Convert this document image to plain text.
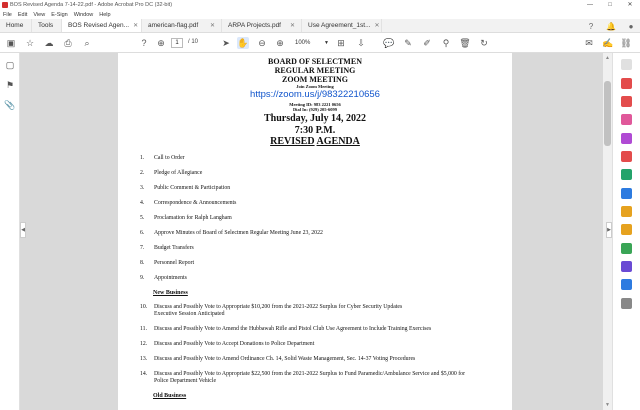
BOS Revised Agenda 7-14-22.pdf - Adobe Acrobat Pro DC (32-bit)	—	□	✕
File Edit View E-Sign Window Help
Home Tools BOS Revised Agen... ✕ american-flag.pdf ✕ ARPA Projects.pdf ✕ Use Agreement_1st... ✕	?	🔔	●
▣ ☆ ☁ ⎙	⌕	?	⊕	1	/ 10	➤ ✋ ⊖ ⊕	100%	▼ ⊞ ⇩ 💬 ✎ ✐	⚲	🗑 ↻	✉ ✍ ⛓
▢
⚑
📎
◀
BOARD OF SELECTMEN
REGULAR MEETING
ZOOM MEETING
Join Zoom Meeting
https://zoom.us/j/98322210656
Meeting ID: 983 2221 0656
Dial In: (929) 205-6099
Thursday, July 14, 2022
7:30 P.M.
REVISED AGENDA
1. Call to Order
2. Pledge of Allegiance
3. Public Comment & Participation
4. Correspondence & Announcements
5. Proclamation for Ralph Langham
6. Approve Minutes of Board of Selectmen Regular Meeting June 23, 2022
7. Budget Transfers
8. Personnel Report
9. Appointments
New Business
10. Discuss and Possibly Vote to Appropriate $10,200 from the 2021-2022 Surplus for Cyber Security Updates
Executive Session Anticipated
11. Discuss and Possibly Vote to Amend the Hubbawah Rifle and Pistol Club Use Agreement to Include Training Exercises
12. Discuss and Possibly Vote to Accept Donations to Police Department
13. Discuss and Possibly Vote to Amend Ordinance Ch. 14, Solid Waste Management, Sec. 14-37 Voting Procedures
14. Discuss and Possibly Vote to Appropriate $22,500 from the 2021-2022 Surplus to Fund Paramedic/Ambulance Service and $5,000 for
Police Department Vehicle
Old Business
▲
▼
▶
